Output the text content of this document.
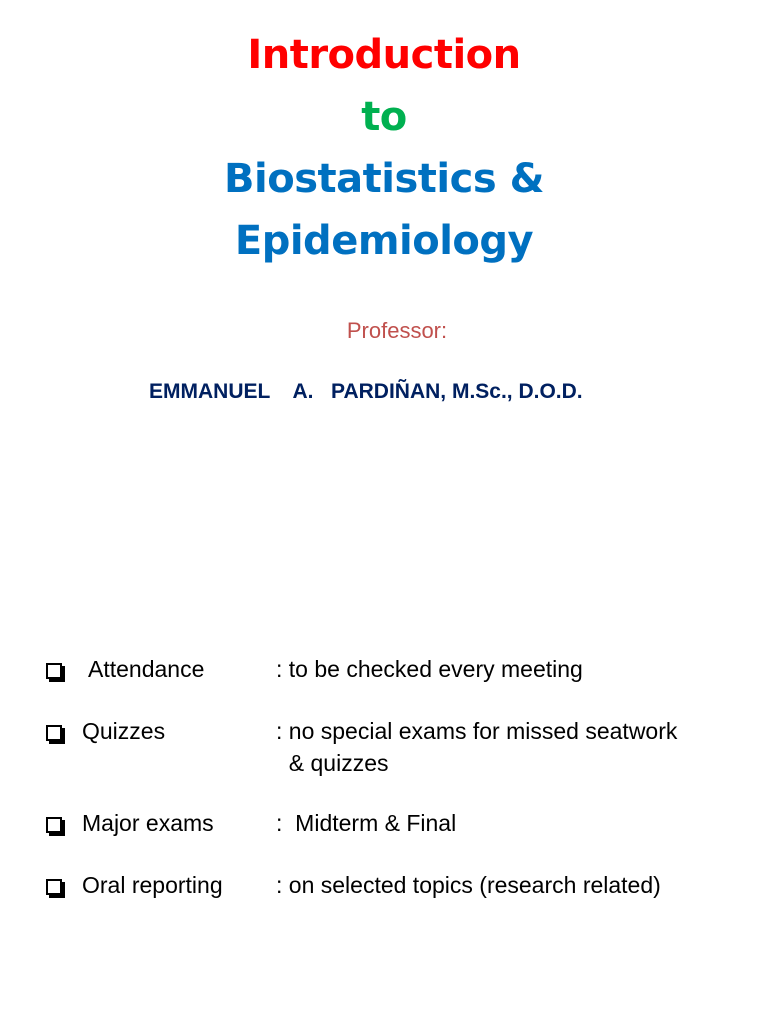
Introduction
to
Biostatistics &
Epidemiology
Professor:
EMMANUEL    A.   PARDIÑAN, M.Sc., D.O.D.
Attendance	: to be checked every meeting
Quizzes	: no special exams for missed seatwork
& quizzes
Major exams	:  Midterm & Final
Oral reporting : on selected topics (research related)
